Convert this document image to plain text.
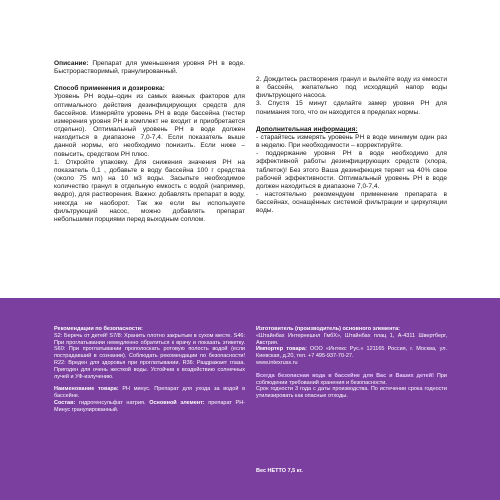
Описание: Препарат для уменьшения уровня PH в воде. Быстрорастворимый, гранулированный.

Способ применения и дозировка:

Уровень PH воды–один из самых важных факторов для оптимального действия дезинфицирующих средств для бассейнов. Измеряйте уровень PH в воде бассейна (тестер измерения уровня PH в комплект не входит и приобретается отдельно). Оптимальный уровень PH в воде должен находиться в диапазоне 7,0-7,4. Если показатель выше данной нормы, его необходимо понизить. Если ниже – повысить, средством PH плюс.

1. Откройте упаковку. Для снижения значения PH на показатель 0,1 , добавьте в воду бассейна 100 г средства (около 75 мл) на 10 м3 воды. Засыпьте необходимое количество гранул в отдельную емкость с водой (например, ведро), для растворения. Важно: добавлять препарат в воду, никогда не наоборот. Так же если вы используете фильтрующий насос, можно добавлять препарат небольшими порциями перед выходным соплом.

2. Дождитесь растворения гранул и вылейте воду из емкости в бассейн, желательно под исходящий напор воды фильтрующего насоса.

3. Спустя 15 минут сделайте замер уровня PH для понимания того, что он находится в пределах нормы.

Дополнительная информация:

- старайтесь измерять уровень PH в воде минимум один раз в неделю. При необходимости – корректируйте.

- поддержание уровня PH в воде необходимо для эффективной работы дезинфицирующих средств (хлора, таблеток)! Без этого Ваша дезинфекция теряет на 40% свое рабочей эффективности. Оптимальный уровень PH в воде должен находиться в диапазоне 7,0-7,4.

- настоятельно рекомендуем применение препарата в бассейнах, оснащённых системой фильтрации и циркуляции воды.

Рекомендации по безопасности:

S2: Беречь от детей! S7/8: Хранить плотно закрытым в сухом месте. S46: При проглатывании немедленно обратиться к врачу и показать этикетку. S60: При проглатывании прополоскать ротовую полость водой (если пострадавший в сознании). Соблюдать рекомендации по безопасности! R22: Вреден для здоровья при проглатывании. R36: Раздражает глаза. Пригоден для очень жесткой воды. Устойчив к воздействию солнечных лучей и УФ-излучению.

Наименование товара: PH минус. Препарат для ухода за водой в бассейне.

Состав: гидрогенсульфат натрия. Основной элемент: препарат PH-Минус гранулированный.

Изготовитель (производитель) основного элемента:

«Штайнбах Интернешнл ГмбХ», Штайнбах плац 1, А-4311 Швертберг, Австрия.

Импортер товара: ООО «Интекс Рус.» 121165 Россия, г. Москва, ул. Киевская, д.20, тел. +7 495-937-70-27.

www.intexruss.ru

Всегда безопасная вода в бассейне для Вас и Ваших детей! При соблюдении требований хранения и безопасности.

Срок годности 3 года с даты производства. По истечении срока годности утилизировать как опасные отходы.

Вес НЕТТО 7,5 кг.
